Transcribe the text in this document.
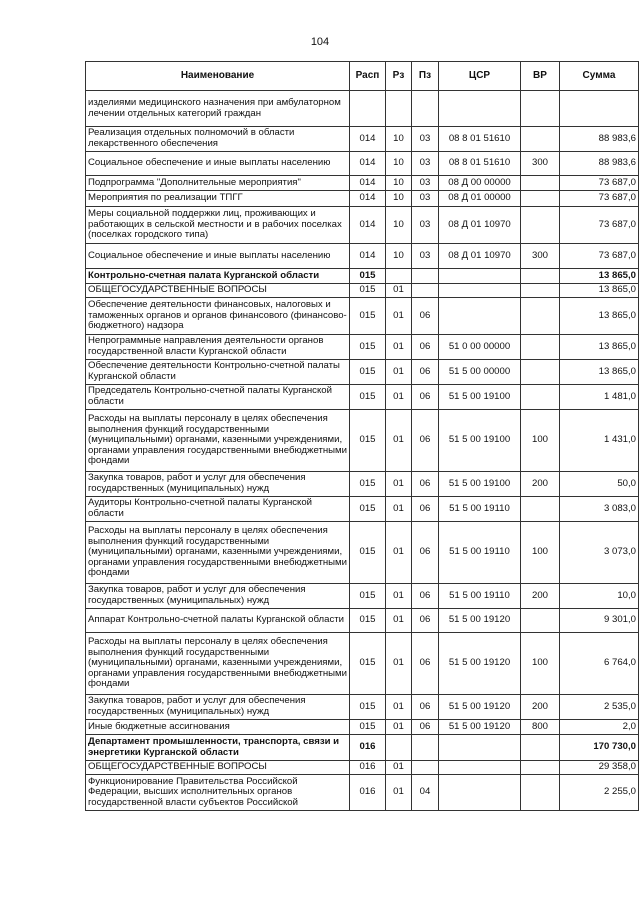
104
Наименование	Расп	Рз	Пз	ЦСР	ВР	Сумма
изделиями медицинского назначения при амбулаторном лечении отдельных категорий граждан						
Реализация отдельных полномочий в области лекарственного обеспечения	014	10	03	08 8 01 51610		88 983,6
Социальное обеспечение и иные выплаты населению	014	10	03	08 8 01 51610	300	88 983,6
Подпрограмма "Дополнительные мероприятия"	014	10	03	08 Д 00 00000		73 687,0
Мероприятия по реализации ТПГГ	014	10	03	08 Д 01 00000		73 687,0
Меры социальной поддержки лиц, проживающих и работающих в сельской местности и в рабочих поселках (поселках городского типа)	014	10	03	08 Д 01 10970		73 687,0
Социальное обеспечение и иные выплаты населению	014	10	03	08 Д 01 10970	300	73 687,0
Контрольно-счетная палата Курганской области	015					13 865,0
ОБЩЕГОСУДАРСТВЕННЫЕ ВОПРОСЫ	015	01				13 865,0
Обеспечение деятельности финансовых, налоговых и таможенных органов и органов финансового (финансово-бюджетного) надзора	015	01	06			13 865,0
Непрограммные направления деятельности органов государственной власти Курганской области	015	01	06	51 0 00 00000		13 865,0
Обеспечение деятельности Контрольно-счетной палаты Курганской области	015	01	06	51 5 00 00000		13 865,0
Председатель Контрольно-счетной палаты Курганской области	015	01	06	51 5 00 19100		1 481,0
Расходы на выплаты персоналу в целях обеспечения выполнения функций государственными (муниципальными) органами, казенными учреждениями, органами управления государственными внебюджетными фондами	015	01	06	51 5 00 19100	100	1 431,0
Закупка товаров, работ и услуг для обеспечения государственных (муниципальных) нужд	015	01	06	51 5 00 19100	200	50,0
Аудиторы Контрольно-счетной палаты Курганской области	015	01	06	51 5 00 19110		3 083,0
Расходы на выплаты персоналу в целях обеспечения выполнения функций государственными (муниципальными) органами, казенными учреждениями, органами управления государственными внебюджетными фондами	015	01	06	51 5 00 19110	100	3 073,0
Закупка товаров, работ и услуг для обеспечения государственных (муниципальных) нужд	015	01	06	51 5 00 19110	200	10,0
Аппарат Контрольно-счетной палаты Курганской области	015	01	06	51 5 00 19120		9 301,0
Расходы на выплаты персоналу в целях обеспечения выполнения функций государственными (муниципальными) органами, казенными учреждениями, органами управления государственными внебюджетными фондами	015	01	06	51 5 00 19120	100	6 764,0
Закупка товаров, работ и услуг для обеспечения государственных (муниципальных) нужд	015	01	06	51 5 00 19120	200	2 535,0
Иные бюджетные ассигнования	015	01	06	51 5 00 19120	800	2,0
Департамент промышленности, транспорта, связи и энергетики Курганской области	016					170 730,0
ОБЩЕГОСУДАРСТВЕННЫЕ ВОПРОСЫ	016	01				29 358,0
Функционирование Правительства Российской Федерации, высших исполнительных органов государственной власти субъектов Российской	016	01	04			2 255,0
